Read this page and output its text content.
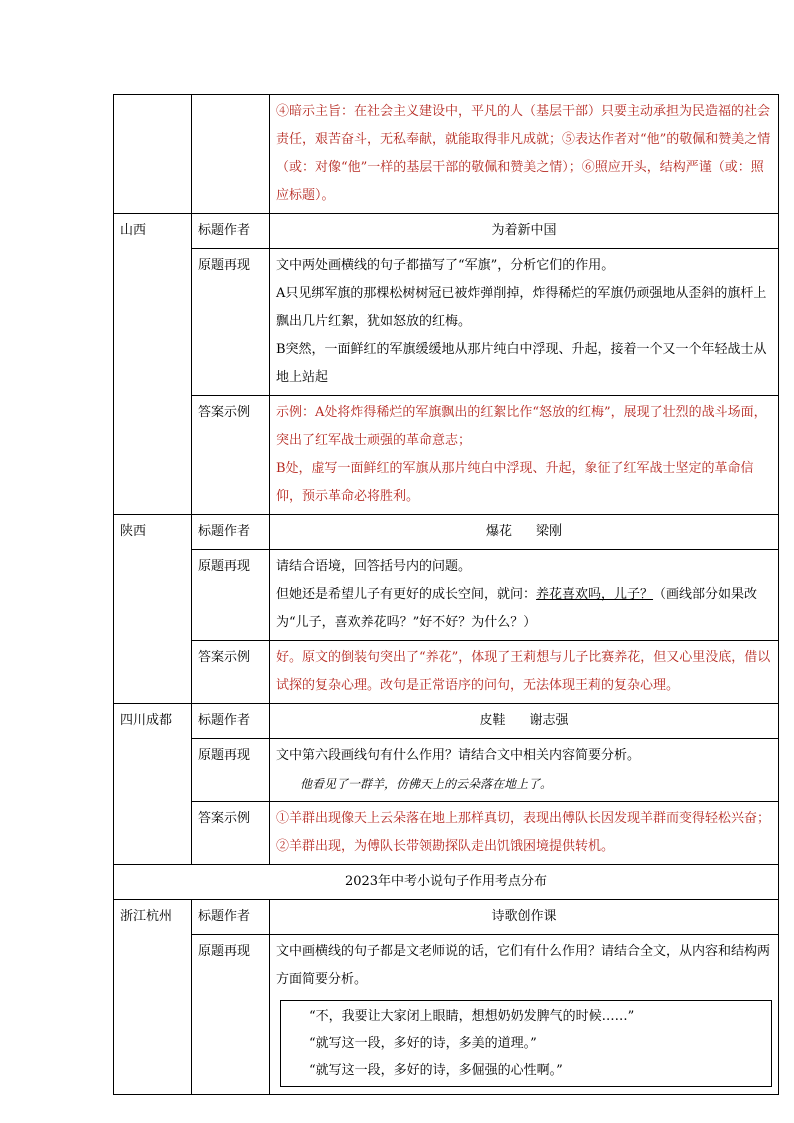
		④暗示主旨：在社会主义建设中，平凡的人（基层干部）只要主动承担为民造福的社会责任，艰苦奋斗，无私奉献，就能取得非凡成就；⑤表达作者对“他”的敬佩和赞美之情（或：对像“他”一样的基层干部的敬佩和赞美之情）；⑥照应开头，结构严谨（或：照应标题）。

山西	标题作者	为着新中国
	原题再现	文中两处画横线的句子都描写了“军旗”，分析它们的作用。

A只见绑军旗的那棵松树树冠已被炸弹削掉，炸得稀烂的军旗仍顽强地从歪斜的旗杆上飘出几片红絮，犹如怒放的红梅。

B突然，一面鲜红的军旗缓缓地从那片纯白中浮现、升起，接着一个又一个年轻战士从地上站起

	答案示例	示例：A处将炸得稀烂的军旗飘出的红絮比作“怒放的红梅”，展现了壮烈的战斗场面，突出了红军战士顽强的革命意志；

B处，虚写一面鲜红的军旗从那片纯白中浮现、升起，象征了红军战士坚定的革命信仰，预示革命必将胜利。

陕西	标题作者	爆花 梁刚
	原题再现	请结合语境，回答括号内的问题。

但她还是希望儿子有更好的成长空间，就问：养花喜欢吗，儿子？（画线部分如果改为“儿子，喜欢养花吗？”好不好？为什么？）

	答案示例	好。原文的倒装句突出了“养花”，体现了王莉想与儿子比赛养花，但又心里没底，借以试探的复杂心理。改句是正常语序的问句，无法体现王莉的复杂心理。

四川成都	标题作者	皮鞋 谢志强
	原题再现	文中第六段画线句有什么作用？请结合文中相关内容简要分析。

他看见了一群羊，仿佛天上的云朵落在地上了。

	答案示例	①羊群出现像天上云朵落在地上那样真切，表现出傅队长因发现羊群而变得轻松兴奋；

②羊群出现，为傅队长带领勘探队走出饥饿困境提供转机。

2023年中考小说句子作用考点分布		
浙江杭州	标题作者	诗歌创作课
	原题再现	文中画横线的句子都是文老师说的话，它们有什么作用？请结合全文，从内容和结构两方面简要分析。

“不，我要让大家闭上眼睛，想想奶奶发脾气的时候……”

“就写这一段，多好的诗，多美的道理。”

“就写这一段，多好的诗，多倔强的心性啊。”
